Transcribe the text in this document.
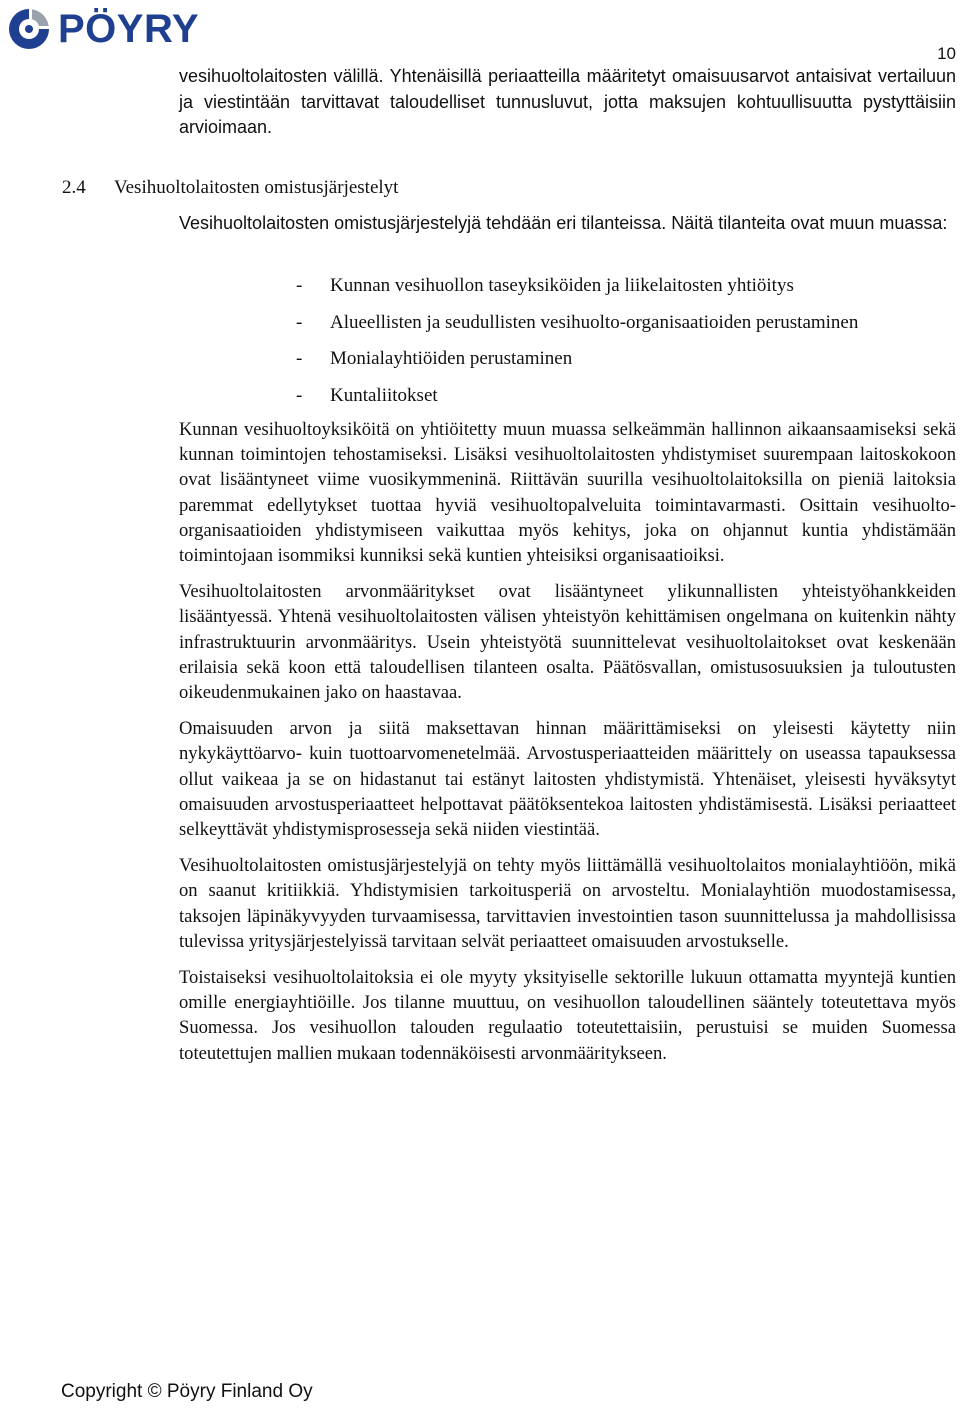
PÖYRY
10

vesihuoltolaitosten välillä. Yhtenäisillä periaatteilla määritetyt omaisuusarvot antaisivat vertailuun ja viestintään tarvittavat taloudelliset tunnusluvut, jotta maksujen kohtuullisuutta pystyttäisiin arvioimaan.

2.4 Vesihuoltolaitosten omistusjärjestelyt

Vesihuoltolaitosten omistusjärjestelyjä tehdään eri tilanteissa. Näitä tilanteita ovat muun muassa:

- Kunnan vesihuollon taseyksiköiden ja liikelaitosten yhtiöitys
- Alueellisten ja seudullisten vesihuolto-organisaatioiden perustaminen
- Monialayhtiöiden perustaminen
- Kuntaliitokset

Kunnan vesihuoltoyksiköitä on yhtiöitetty muun muassa selkeämmän hallinnon aikaansaamiseksi sekä kunnan toimintojen tehostamiseksi. Lisäksi vesihuoltolaitosten yhdistymiset suurempaan laitoskokoon ovat lisääntyneet viime vuosikymmeninä. Riittävän suurilla vesihuoltolaitoksilla on pieniä laitoksia paremmat edellytykset tuottaa hyviä vesihuoltopalveluita toimintavarmasti. Osittain vesihuolto-organisaatioiden yhdistymiseen vaikuttaa myös kehitys, joka on ohjannut kuntia yhdistämään toimintojaan isommiksi kunniksi sekä kuntien yhteisiksi organisaatioiksi.

Vesihuoltolaitosten arvonmääritykset ovat lisääntyneet ylikunnallisten yhteistyöhankkeiden lisääntyessä. Yhtenä vesihuoltolaitosten välisen yhteistyön kehittämisen ongelmana on kuitenkin nähty infrastruktuurin arvonmääritys. Usein yhteistyötä suunnittelevat vesihuoltolaitokset ovat keskenään erilaisia sekä koon että taloudellisen tilanteen osalta. Päätösvallan, omistusosuuksien ja tuloutusten oikeudenmukainen jako on haastavaa.

Omaisuuden arvon ja siitä maksettavan hinnan määrittämiseksi on yleisesti käytetty niin nykykäyttöarvo- kuin tuottoarvomenetelmää. Arvostusperiaatteiden määrittely on useassa tapauksessa ollut vaikeaa ja se on hidastanut tai estänyt laitosten yhdistymistä. Yhtenäiset, yleisesti hyväksytyt omaisuuden arvostusperiaatteet helpottavat päätöksentekoa laitosten yhdistämisestä. Lisäksi periaatteet selkeyttävät yhdistymisprosesseja sekä niiden viestintää.

Vesihuoltolaitosten omistusjärjestelyjä on tehty myös liittämällä vesihuoltolaitos monialayhtiöön, mikä on saanut kritiikkiä. Yhdistymisien tarkoitusperiä on arvosteltu. Monialayhtiön muodostamisessa, taksojen läpinäkyvyyden turvaamisessa, tarvittavien investointien tason suunnittelussa ja mahdollisissa tulevissa yritysjärjestelyissä tarvitaan selvät periaatteet omaisuuden arvostukselle.

Toistaiseksi vesihuoltolaitoksia ei ole myyty yksityiselle sektorille lukuun ottamatta myyntejä kuntien omille energiayhtiöille. Jos tilanne muuttuu, on vesihuollon taloudellinen sääntely toteutettava myös Suomessa. Jos vesihuollon talouden regulaatio toteutettaisiin, perustuisi se muiden Suomessa toteutettujen mallien mukaan todennäköisesti arvonmääritykseen.

Copyright © Pöyry Finland Oy
